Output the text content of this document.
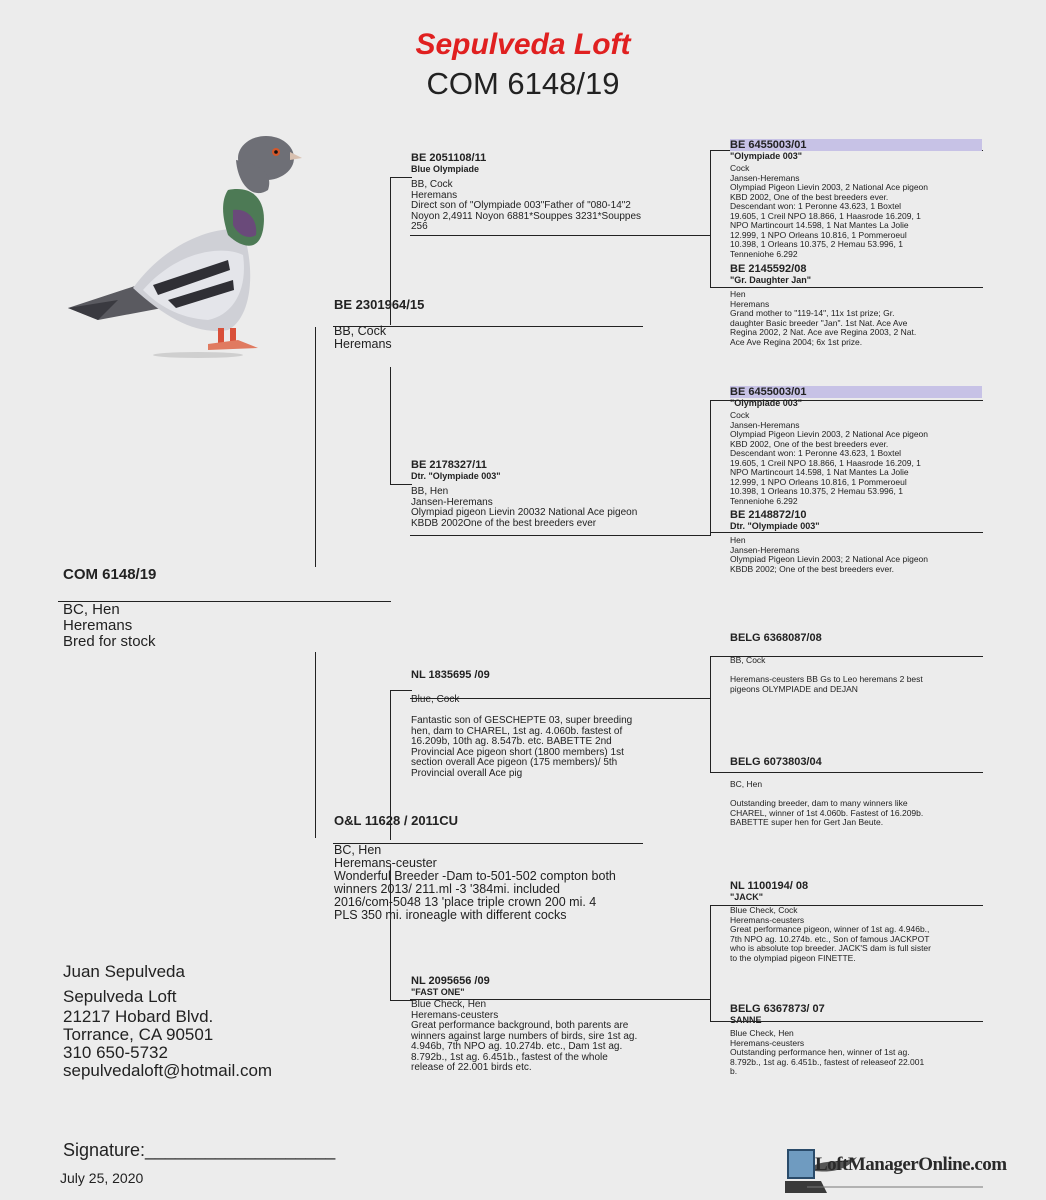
Sepulveda Loft
COM 6148/19
COM 6148/19
BC, Hen
Heremans
Bred for stock
BE 2301964/15
BB, Cock
Heremans
O&L 11628 / 2011CU
BC, Hen
Heremans-ceuster
Wonderful Breeder -Dam to-501-502 compton both
winners 2013/ 211.ml -3 '384mi. included
2016/com-5048 13 'place triple crown 200 mi. 4
PLS 350 mi. ironeagle with different cocks
BE 2051108/11
Blue Olympiade
BB, Cock
Heremans
Direct son of "Olympiade 003"Father of "080-14"2
Noyon 2,4911 Noyon 6881*Souppes 3231*Souppes
256
BE 2178327/11
Dtr. "Olympiade 003"
BB, Hen
Jansen-Heremans
Olympiad pigeon Lievin 20032 National Ace pigeon
KBDB 2002One of the best breeders ever
NL 1835695 /09
Blue, Cock

Fantastic son of GESCHEPTE 03, super breeding
hen, dam to CHAREL, 1st ag. 4.060b. fastest of
16.209b, 10th ag. 8.547b. etc. BABETTE 2nd
Provincial Ace pigeon short (1800 members) 1st
section overall Ace pigeon (175 members)/ 5th
Provincial overall Ace pig
NL 2095656 /09
"FAST ONE"
Blue Check, Hen
Heremans-ceusters
Great performance background, both parents are
winners against large numbers of birds, sire 1st ag.
4.946b, 7th NPO ag. 10.274b. etc., Dam 1st ag.
8.792b., 1st ag. 6.451b., fastest of the whole
release of 22.001 birds etc.
BE 6455003/01
"Olympiade 003"
Cock
Jansen-Heremans
Olympiad Pigeon Lievin 2003, 2 National Ace pigeon
KBD 2002, One of the best breeders ever.
Descendant won: 1 Peronne 43.623, 1 Boxtel
19.605, 1 Creil NPO 18.866, 1 Haasrode 16.209, 1
NPO Martincourt 14.598, 1 Nat Mantes La Jolie
12.999, 1 NPO Orleans 10.816, 1 Pommeroeul
10.398, 1 Orleans 10.375, 2 Hemau 53.996, 1
Tenneniohe 6.292
BE 2145592/08
"Gr. Daughter Jan"
Hen
Heremans
Grand mother to "119-14", 11x 1st prize; Gr.
daughter Basic breeder "Jan". 1st Nat. Ace Ave
Regina 2002, 2 Nat. Ace ave Regina 2003, 2 Nat.
Ace Ave Regina 2004; 6x 1st prize.
BE 6455003/01
"Olympiade 003"
Cock
Jansen-Heremans
Olympiad Pigeon Lievin 2003, 2 National Ace pigeon
KBD 2002, One of the best breeders ever.
Descendant won: 1 Peronne 43.623, 1 Boxtel
19.605, 1 Creil NPO 18.866, 1 Haasrode 16.209, 1
NPO Martincourt 14.598, 1 Nat Mantes La Jolie
12.999, 1 NPO Orleans 10.816, 1 Pommeroeul
10.398, 1 Orleans 10.375, 2 Hemau 53.996, 1
Tenneniohe 6.292
BE 2148872/10
Dtr. "Olympiade 003"
Hen
Jansen-Heremans
Olympiad Pigeon Lievin 2003; 2 National Ace pigeon
KBDB 2002; One of the best breeders ever.
BELG 6368087/08
BB, Cock

Heremans-ceusters BB Gs to Leo heremans 2 best
pigeons OLYMPIADE and DEJAN
BELG 6073803/04
BC, Hen

Outstanding breeder, dam to many winners like
CHAREL, winner of 1st 4.060b. Fastest of 16.209b.
BABETTE super hen for Gert Jan Beute.
NL 1100194/ 08
"JACK"
Blue Check, Cock
Heremans-ceusters
Great performance pigeon, winner of 1st ag. 4.946b.,
7th NPO ag. 10.274b. etc., Son of famous JACKPOT
who is absolute top breeder. JACK'S dam is full sister
to the olympiad pigeon FINETTE.
BELG 6367873/ 07
SANNE
Blue Check, Hen
Heremans-ceusters
Outstanding performance hen, winner of 1st ag.
8.792b., 1st ag. 6.451b., fastest of releaseof 22.001
b.
Juan Sepulveda
Sepulveda Loft
21217 Hobard Blvd.
Torrance, CA 90501
310 650-5732
sepulvedaloft@hotmail.com
Signature:___________________
July 25, 2020
LoftManagerOnline.com
